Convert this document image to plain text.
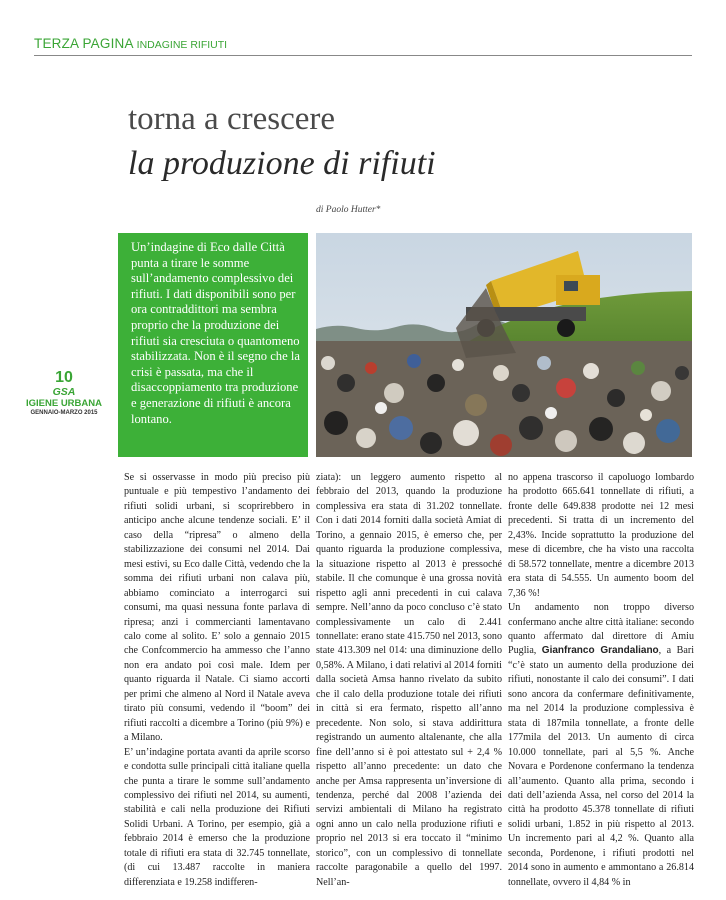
TERZA PAGINA INDAGINE RIFIUTI
torna a crescere
la produzione di rifiuti
di Paolo Hutter*

Un’indagine di Eco dalle Città punta a tirare le somme sull’andamento complessivo dei rifiuti. I dati disponibili sono per ora contraddittori ma sembra proprio che la produzione dei rifiuti sia cresciuta o quantomeno stabilizzata. Non è il segno che la crisi è passata, ma che il disaccoppiamento tra produzione e generazione di rifiuti è ancora lontano.

10
GSA
IGIENE URBANA
GENNAIO-MARZO 2015

Se si osservasse in modo più preciso più puntuale e più tempestivo l’andamento dei rifiuti solidi urbani, si scoprirebbero in anticipo anche alcune tendenze sociali. E’ il caso della “ripresa” o almeno della stabilizzazione dei consumi nel 2014. Dai mesi estivi, su Eco dalle Città, vedendo che la somma dei rifiuti urbani non calava più, abbiamo cominciato a interrogarci sui consumi, ma quasi nessuna fonte parlava di ripresa; anzi i commercianti lamentavano calo come al solito. E’ solo a gennaio 2015 che Confcommercio ha ammesso che l’anno non era andato poi così male. Idem per quanto riguarda il Natale. Ci siamo accorti per primi che almeno al Nord il Natale aveva tirato più consumi, vedendo il “boom” dei rifiuti raccolti a dicembre a Torino (più 9%) e a Milano.

E’ un’indagine portata avanti da aprile scorso e condotta sulle principali città italiane quella che punta a tirare le somme sull’andamento complessivo dei rifiuti nel 2014, su aumenti, stabilità e cali nella produzione dei Rifiuti Solidi Urbani. A Torino, per esempio, già a febbraio 2014 è emerso che la produzione totale di rifiuti era stata di 32.745 tonnellate, (di cui 13.487 raccolte in maniera differenziata e 19.258 indifferen-

ziata): un leggero aumento rispetto al febbraio del 2013, quando la produzione complessiva era stata di 31.202 tonnellate. Con i dati 2014 forniti dalla società Amiat di Torino, a gennaio 2015, è emerso che, per quanto riguarda la produzione complessiva, la situazione rispetto al 2013 è pressoché stabile. Il che comunque è una grossa novità rispetto agli anni precedenti in cui calava sempre. Nell’anno da poco concluso c’è stato complessivamente un calo di 2.441 tonnellate: erano state 415.750 nel 2013, sono state 413.309 nel 014: una diminuzione dello 0,58%. A Milano, i dati relativi al 2014 forniti dalla società Amsa hanno rivelato da subito che il calo della produzione totale dei rifiuti in città si era fermato, rispetto all’anno precedente. Non solo, si stava addirittura registrando un aumento altalenante, che alla fine dell’anno si è poi attestato sul + 2,4 % rispetto all’anno precedente: un dato che anche per Amsa rappresenta un’inversione di tendenza, perché dal 2008 l’azienda dei servizi ambientali di Milano ha registrato ogni anno un calo nella produzione rifiuti e proprio nel 2013 si era toccato il “minimo storico”, con un complessivo di tonnellate raccolte paragonabile a quello del 1997. Nell’an-

no appena trascorso il capoluogo lombardo ha prodotto 665.641 tonnellate di rifiuti, a fronte delle 649.838 prodotte nei 12 mesi precedenti. Si tratta di un incremento del 2,43%. Incide soprattutto la produzione del mese di dicembre, che ha visto una raccolta di 58.572 tonnellate, mentre a dicembre 2013 era stata di 54.555. Un aumento boom del 7,36 %!

Un andamento non troppo diverso confermano anche altre città italiane: secondo quanto affermato dal direttore di Amiu Puglia, Gianfranco Grandaliano, a Bari “c’è stato un aumento della produzione dei rifiuti, nonostante il calo dei consumi”. I dati sono ancora da confermare definitivamente, ma nel 2014 la produzione complessiva è stata di 187mila tonnellate, a fronte delle 177mila del 2013. Un aumento di circa 10.000 tonnellate, pari al 5,5 %. Anche Novara e Pordenone confermano la tendenza all’aumento. Quanto alla prima, secondo i dati dell’azienda Assa, nel corso del 2014 la città ha prodotto 45.378 tonnellate di rifiuti solidi urbani, 1.852 in più rispetto al 2013. Un incremento pari al 4,2 %. Quanto alla seconda, Pordenone, i rifiuti prodotti nel 2014 sono in aumento e ammontano a 26.814 tonnellate, ovvero il 4,84 % in
